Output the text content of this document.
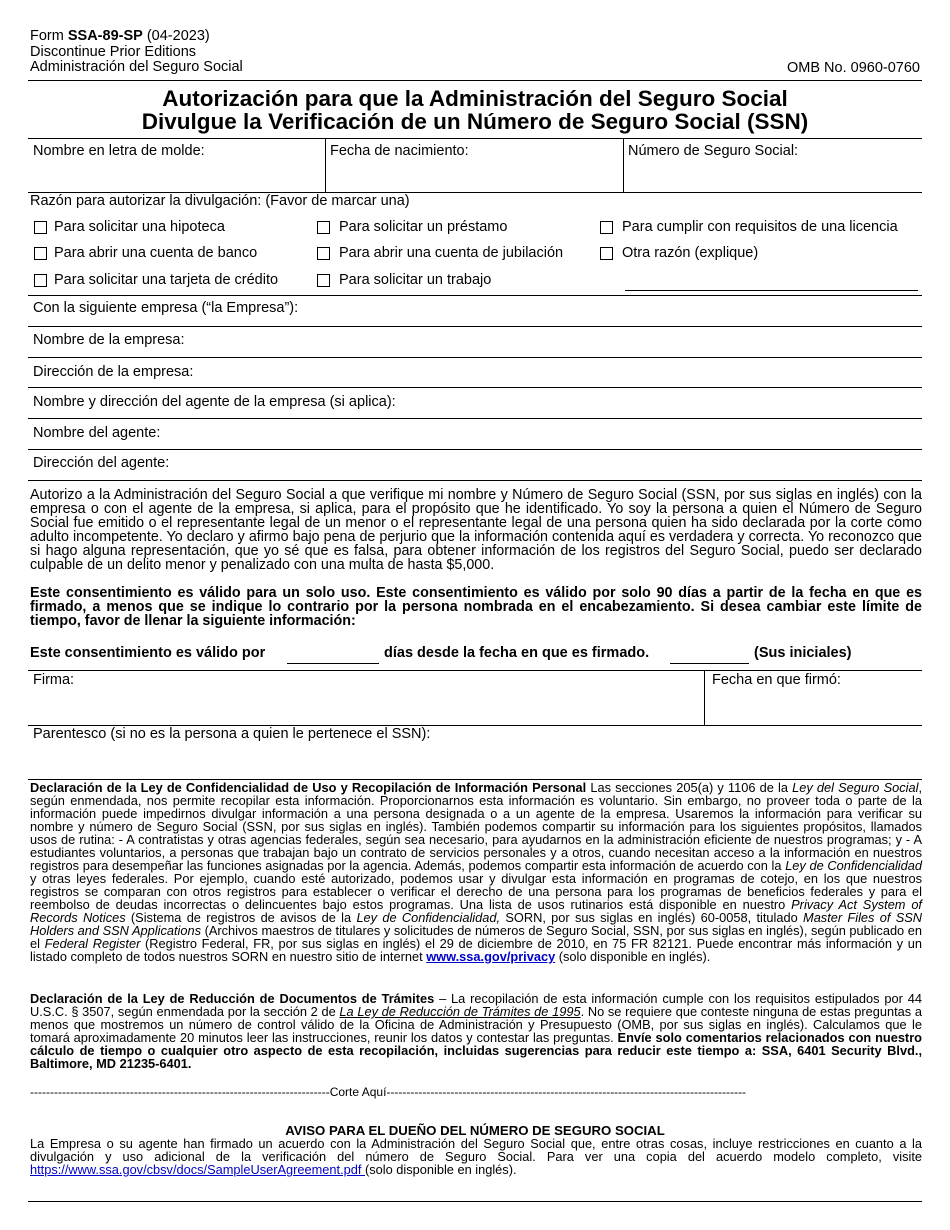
Form SSA-89-SP (04-2023)
Discontinue Prior Editions
Administración del Seguro Social	OMB No. 0960-0760
Autorización para que la Administración del Seguro Social
Divulgue la Verificación de un Número de Seguro Social (SSN)
Nombre en letra de molde:	Fecha de nacimiento:	Número de Seguro Social:
Razón para autorizar la divulgación: (Favor de marcar una)
Para solicitar una hipoteca	Para solicitar un préstamo	Para cumplir con requisitos de una licencia
Para abrir una cuenta de banco	Para abrir una cuenta de jubilación	Otra razón (explique)
Para solicitar una tarjeta de crédito	Para solicitar un trabajo
Con la siguiente empresa (“la Empresa”):
Nombre de la empresa:
Dirección de la empresa:
Nombre y dirección del agente de la empresa (si aplica):
Nombre del agente:
Dirección del agente:
Autorizo a la Administración del Seguro Social a que verifique mi nombre y Número de Seguro Social (SSN, por sus siglas en inglés) con la empresa o con el agente de la empresa, si aplica, para el propósito que he identificado. Yo soy la persona a quien el Número de Seguro Social fue emitido o el representante legal de un menor o el representante legal de una persona quien ha sido declarada por la corte como adulto incompetente. Yo declaro y afirmo bajo pena de perjurio que la información contenida aquí es verdadera y correcta. Yo reconozco que si hago alguna representación, que yo sé que es falsa, para obtener información de los registros del Seguro Social, puedo ser declarado culpable de un delito menor y penalizado con una multa de hasta $5,000.
Este consentimiento es válido para un solo uso. Este consentimiento es válido por solo 90 días a partir de la fecha en que es firmado, a menos que se indique lo contrario por la persona nombrada en el encabezamiento. Si desea cambiar este límite de tiempo, favor de llenar la siguiente información:
Este consentimiento es válido por	días desde la fecha en que es firmado.	(Sus iniciales)
Firma:	Fecha en que firmó:
Parentesco (si no es la persona a quien le pertenece el SSN):
Declaración de la Ley de Confidencialidad de Uso y Recopilación de Información Personal Las secciones 205(a) y 1106 de la Ley del Seguro Social, según enmendada, nos permite recopilar esta información. Proporcionarnos esta información es voluntario. Sin embargo, no proveer toda o parte de la información puede impedirnos divulgar información a una persona designada o a un agente de la empresa. Usaremos la información para verificar su nombre y número de Seguro Social (SSN, por sus siglas en inglés). También podemos compartir su información para los siguientes propósitos, llamados usos de rutina: - A contratistas y otras agencias federales, según sea necesario, para ayudarnos en la administración eficiente de nuestros programas; y - A estudiantes voluntarios, a personas que trabajan bajo un contrato de servicios personales y a otros, cuando necesitan acceso a la información en nuestros registros para desempeñar las funciones asignadas por la agencia. Además, podemos compartir esta información de acuerdo con la Ley de Confidencialidad y otras leyes federales. Por ejemplo, cuando esté autorizado, podemos usar y divulgar esta información en programas de cotejo, en los que nuestros registros se comparan con otros registros para establecer o verificar el derecho de una persona para los programas de beneficios federales y para el reembolso de deudas incorrectas o delincuentes bajo estos programas. Una lista de usos rutinarios está disponible en nuestro Privacy Act System of Records Notices (Sistema de registros de avisos de la Ley de Confidencialidad, SORN, por sus siglas en inglés) 60-0058, titulado Master Files of SSN Holders and SSN Applications (Archivos maestros de titulares y solicitudes de números de Seguro Social, SSN, por sus siglas en inglés), según publicado en el Federal Register (Registro Federal, FR, por sus siglas en inglés) el 29 de diciembre de 2010, en 75 FR 82121. Puede encontrar más información y un listado completo de todos nuestros SORN en nuestro sitio de internet www.ssa.gov/privacy (solo disponible en inglés).
Declaración de la Ley de Reducción de Documentos de Trámites – La recopilación de esta información cumple con los requisitos estipulados por 44 U.S.C. § 3507, según enmendada por la sección 2 de La Ley de Reducción de Trámites de 1995. No se requiere que conteste ninguna de estas preguntas a menos que mostremos un número de control válido de la Oficina de Administración y Presupuesto (OMB, por sus siglas en inglés). Calculamos que le tomará aproximadamente 20 minutos leer las instrucciones, reunir los datos y contestar las preguntas. Envíe solo comentarios relacionados con nuestro cálculo de tiempo o cualquier otro aspecto de esta recopilación, incluidas sugerencias para reducir este tiempo a: SSA, 6401 Security Blvd., Baltimore, MD 21235-6401.
---------------------------------------------------------------------------Corte Aquí------------------------------------------------------------------------------------------
AVISO PARA EL DUEÑO DEL NÚMERO DE SEGURO SOCIAL
La Empresa o su agente han firmado un acuerdo con la Administración del Seguro Social que, entre otras cosas, incluye restricciones en cuanto a la divulgación y uso adicional de la verificación del número de Seguro Social. Para ver una copia del acuerdo modelo completo, visite https://www.ssa.gov/cbsv/docs/SampleUserAgreement.pdf (solo disponible en inglés).
